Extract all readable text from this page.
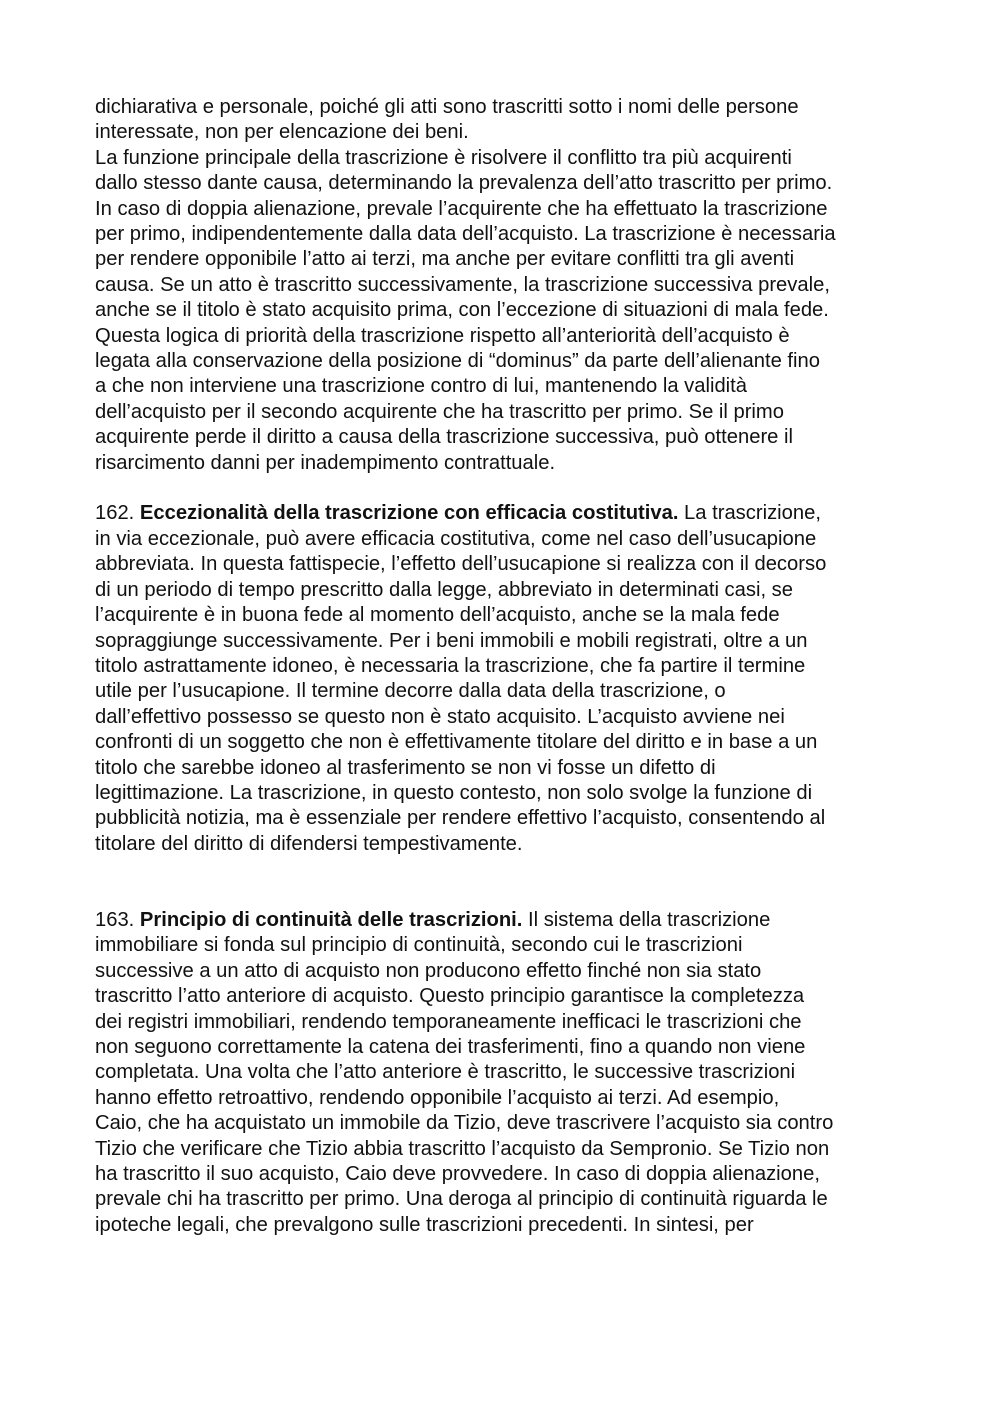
dichiarativa e personale, poiché gli atti sono trascritti sotto i nomi delle persone
interessate, non per elencazione dei beni.
La funzione principale della trascrizione è risolvere il conflitto tra più acquirenti
dallo stesso dante causa, determinando la prevalenza dell’atto trascritto per primo.
In caso di doppia alienazione, prevale l’acquirente che ha effettuato la trascrizione
per primo, indipendentemente dalla data dell’acquisto. La trascrizione è necessaria
per rendere opponibile l’atto ai terzi, ma anche per evitare conflitti tra gli aventi
causa. Se un atto è trascritto successivamente, la trascrizione successiva prevale,
anche se il titolo è stato acquisito prima, con l’eccezione di situazioni di mala fede.
Questa logica di priorità della trascrizione rispetto all’anteriorità dell’acquisto è
legata alla conservazione della posizione di “dominus” da parte dell’alienante fino
a che non interviene una trascrizione contro di lui, mantenendo la validità
dell’acquisto per il secondo acquirente che ha trascritto per primo. Se il primo
acquirente perde il diritto a causa della trascrizione successiva, può ottenere il
risarcimento danni per inadempimento contrattuale.
162. Eccezionalità della trascrizione con efficacia costitutiva. La trascrizione,
in via eccezionale, può avere efficacia costitutiva, come nel caso dell’usucapione
abbreviata. In questa fattispecie, l’effetto dell’usucapione si realizza con il decorso
di un periodo di tempo prescritto dalla legge, abbreviato in determinati casi, se
l’acquirente è in buona fede al momento dell’acquisto, anche se la mala fede
sopraggiunge successivamente. Per i beni immobili e mobili registrati, oltre a un
titolo astrattamente idoneo, è necessaria la trascrizione, che fa partire il termine
utile per l’usucapione. Il termine decorre dalla data della trascrizione, o
dall’effettivo possesso se questo non è stato acquisito. L’acquisto avviene nei
confronti di un soggetto che non è effettivamente titolare del diritto e in base a un
titolo che sarebbe idoneo al trasferimento se non vi fosse un difetto di
legittimazione. La trascrizione, in questo contesto, non solo svolge la funzione di
pubblicità notizia, ma è essenziale per rendere effettivo l’acquisto, consentendo al
titolare del diritto di difendersi tempestivamente.
163. Principio di continuità delle trascrizioni. Il sistema della trascrizione
immobiliare si fonda sul principio di continuità, secondo cui le trascrizioni
successive a un atto di acquisto non producono effetto finché non sia stato
trascritto l’atto anteriore di acquisto. Questo principio garantisce la completezza
dei registri immobiliari, rendendo temporaneamente inefficaci le trascrizioni che
non seguono correttamente la catena dei trasferimenti, fino a quando non viene
completata. Una volta che l’atto anteriore è trascritto, le successive trascrizioni
hanno effetto retroattivo, rendendo opponibile l’acquisto ai terzi. Ad esempio,
Caio, che ha acquistato un immobile da Tizio, deve trascrivere l’acquisto sia contro
Tizio che verificare che Tizio abbia trascritto l’acquisto da Sempronio. Se Tizio non
ha trascritto il suo acquisto, Caio deve provvedere. In caso di doppia alienazione,
prevale chi ha trascritto per primo. Una deroga al principio di continuità riguarda le
ipoteche legali, che prevalgono sulle trascrizioni precedenti. In sintesi, per
